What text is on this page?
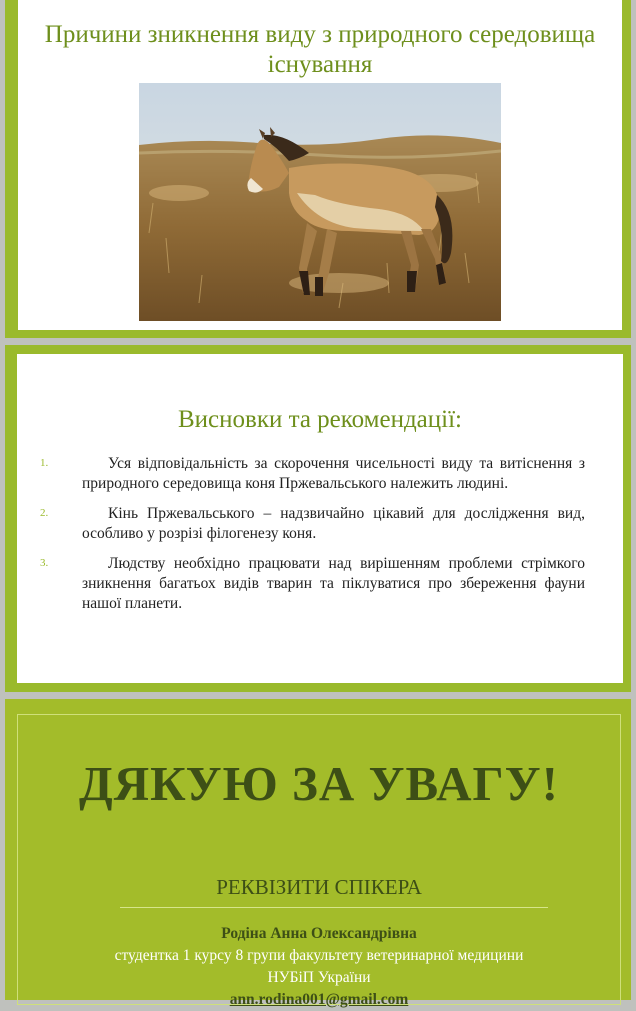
Причини зникнення виду з природного середовища існування
Висновки та рекомендації:
1.	Уся відповідальність за скорочення чисельності виду та витіснення з природного середовища коня Пржевальського належить людині.
2.	Кінь Пржевальського – надзвичайно цікавий для дослідження вид, особливо у розрізі філогенезу коня.
3.	Людству необхідно працювати над вирішенням проблеми стрімкого зникнення багатьох видів тварин та піклуватися про збереження фауни нашої планети.
ДЯКУЮ ЗА УВАГУ!
РЕКВІЗИТИ СПІКЕРА
Родіна Анна Олександрівна
студентка 1 курсу 8 групи факультету ветеринарної медицини
НУБіП України
ann.rodina001@gmail.com
